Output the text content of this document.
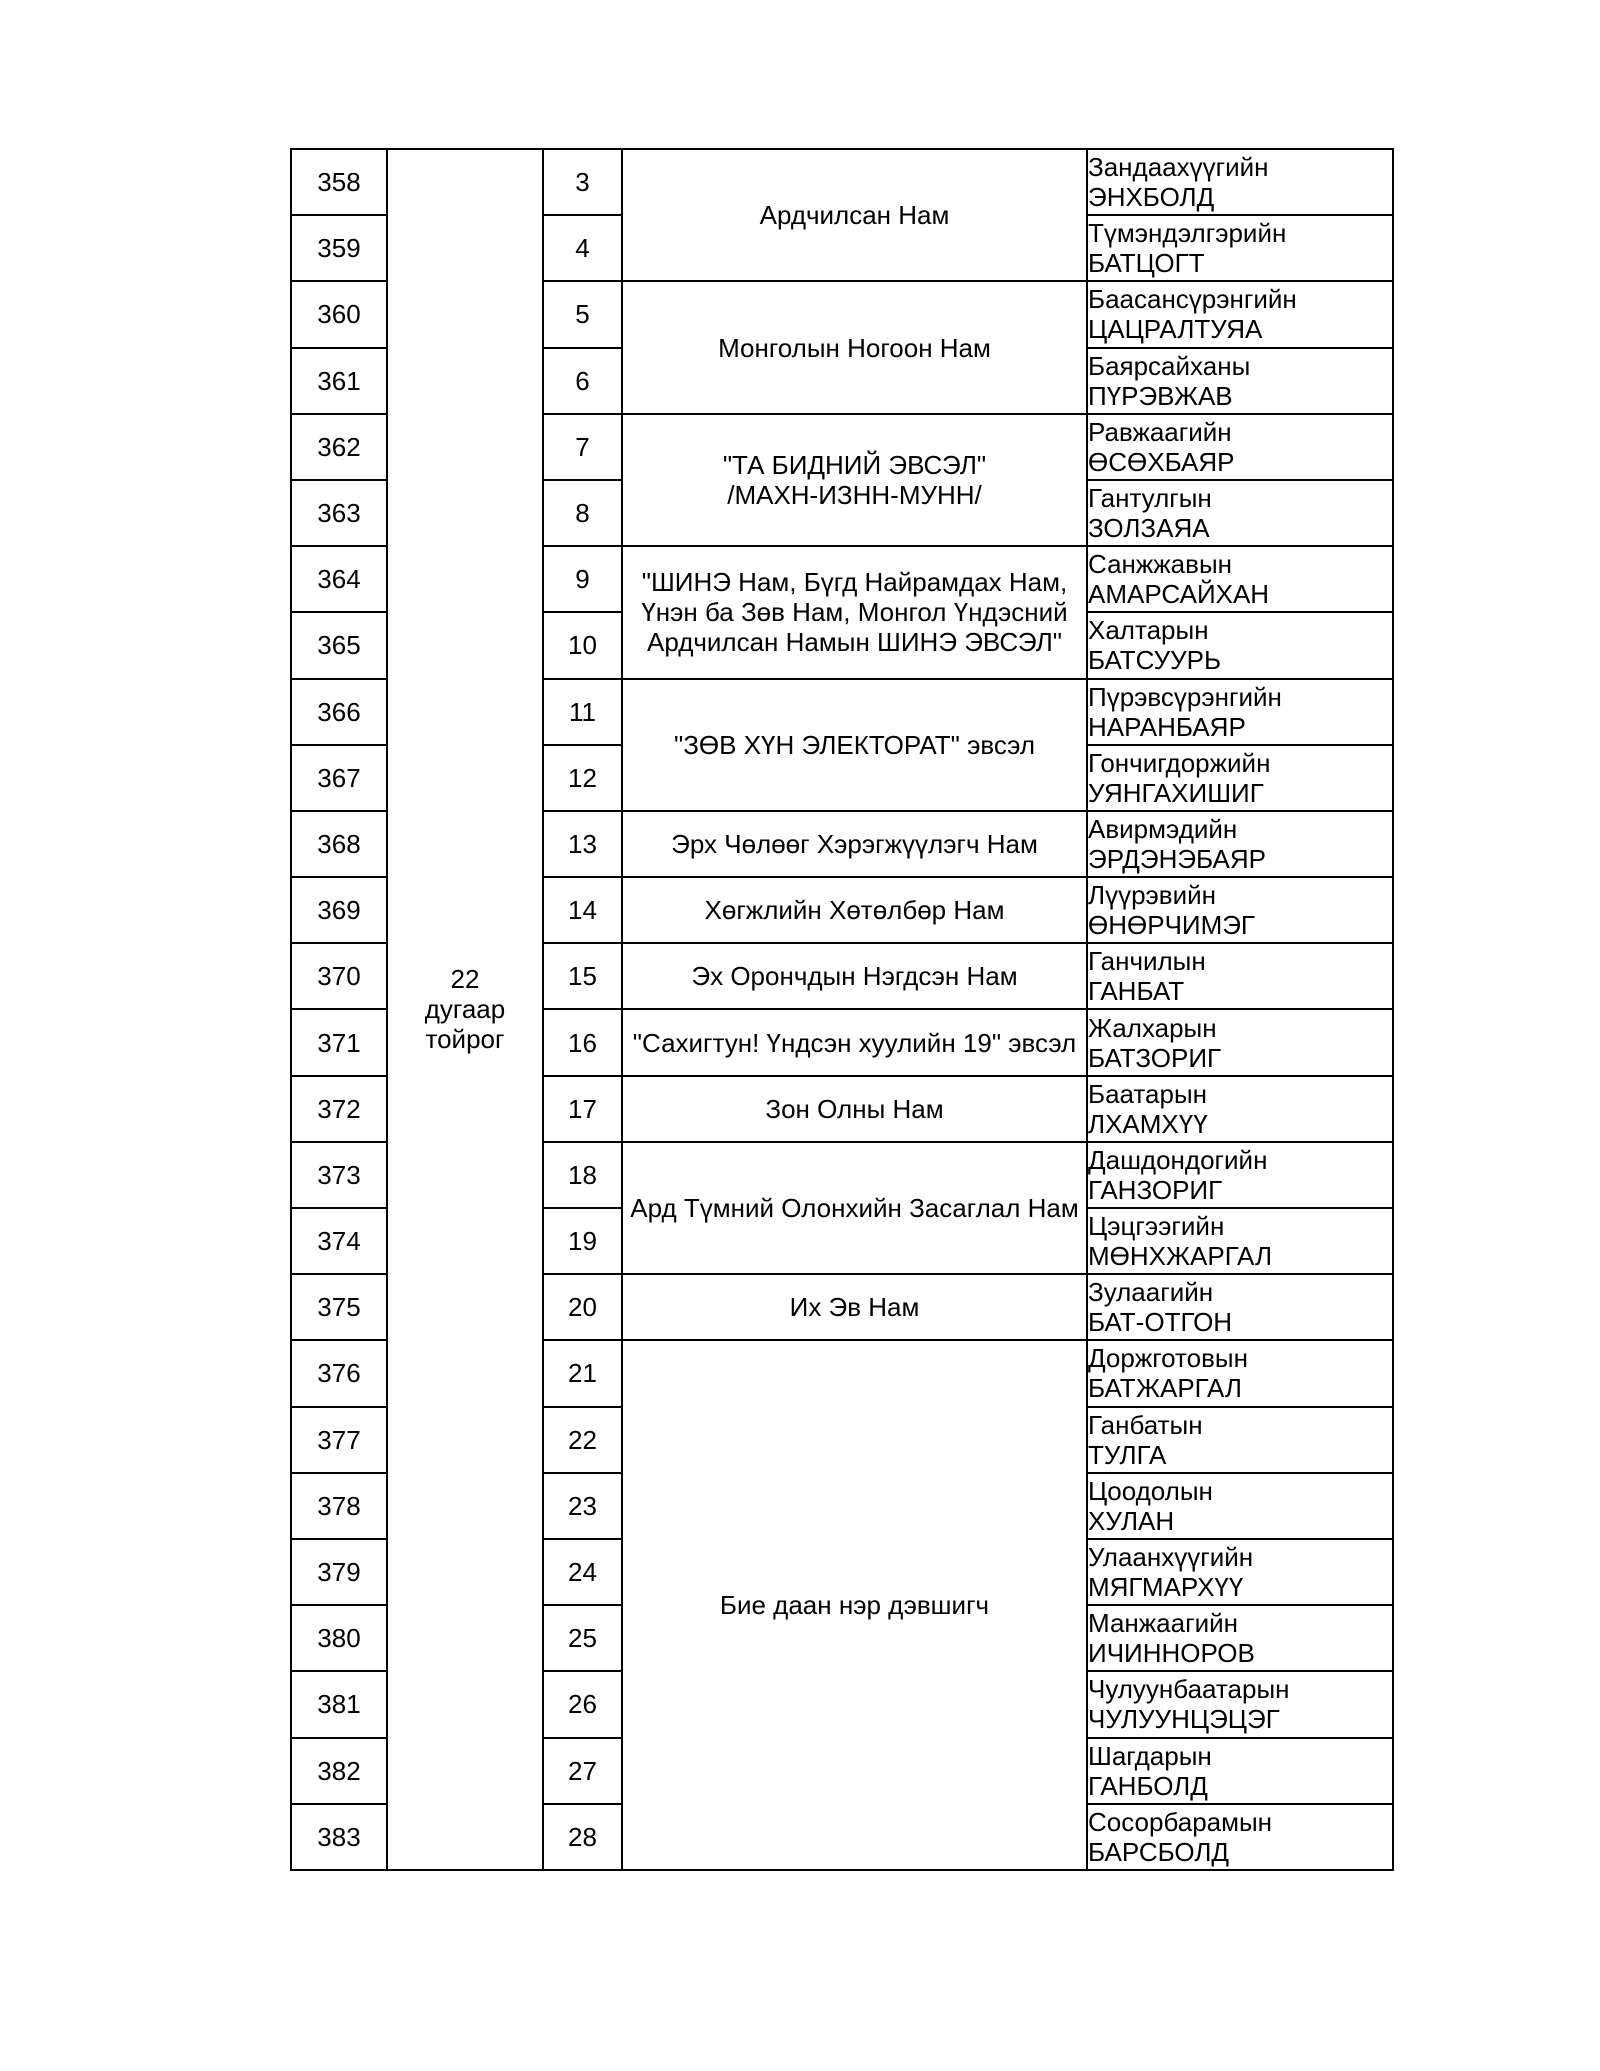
358	22 дугаар тойрог	3	Ардчилсан Нам	Зандаахүүгийн
ЭНХБОЛД

359		4		Түмэндэлгэрийн
БАТЦОГТ

360		5	Монголын Ногоон Нам	Баасансүрэнгийн
ЦАЦРАЛТУЯА

361		6		Баярсайханы
ПҮРЭВЖАВ

362		7	"ТА БИДНИЙ ЭВСЭЛ"
/МАХН-ИЗНН-МУНН/	Равжаагийн
ӨСӨХБАЯР

363		8		Гантулгын
ЗОЛЗАЯА

364		9	"ШИНЭ Нам, Бүгд Найрамдах Нам,
Үнэн ба Зөв Нам, Монгол Үндэсний
Ардчилсан Намын ШИНЭ ЭВСЭЛ"	Санжжавын
АМАРСАЙХАН

365		10		Халтарын
БАТСУУРЬ

366		11	"ЗӨВ ХҮН ЭЛЕКТОРАТ" эвсэл	Пүрэвсүрэнгийн
НАРАНБАЯР

367		12		Гончигдоржийн
УЯНГАХИШИГ

368		13	Эрх Чөлөөг Хэрэгжүүлэгч Нам	Авирмэдийн
ЭРДЭНЭБАЯР

369		14	Хөгжлийн Хөтөлбөр Нам	Лүүрэвийн
ӨНӨРЧИМЭГ

370		15	Эх Орончдын Нэгдсэн Нам	Ганчилын
ГАНБАТ

371		16	"Сахигтун! Үндсэн хуулийн 19" эвсэл	Жалхарын
БАТЗОРИГ

372		17	Зон Олны Нам	Баатарын
ЛХАМХҮҮ

373		18	Ард Түмний Олонхийн Засаглал Нам	Дашдондогийн
ГАНЗОРИГ

374		19		Цэцгээгийн
МӨНХЖАРГАЛ

375		20	Их Эв Нам	Зулаагийн
БАТ-ОТГОН

376		21	Бие даан нэр дэвшигч	Доржготовын
БАТЖАРГАЛ

377		22		Ганбатын
ТУЛГА

378		23		Цоодолын
ХУЛАН

379		24		Улаанхүүгийн
МЯГМАРХҮҮ

380		25		Манжаагийн
ИЧИННОРОВ

381		26		Чулуунбаатарын
ЧУЛУУНЦЭЦЭГ

382		27		Шагдарын
ГАНБОЛД

383		28		Сосорбарамын
БАРСБОЛД
